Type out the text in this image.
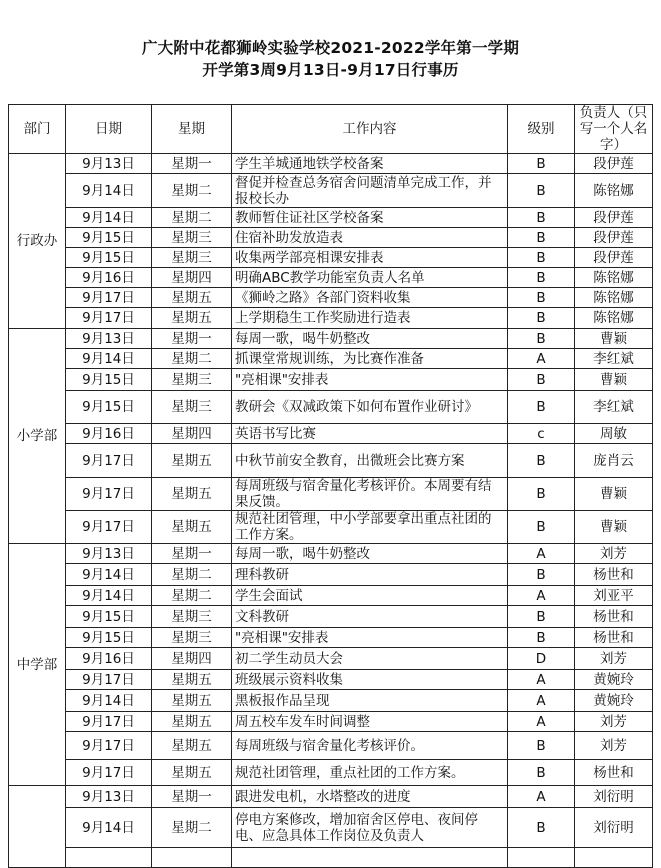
广大附中花都狮岭实验学校2021-2022学年第一学期
开学第3周9月13日-9月17日行事历
部门	日期	星期	工作内容	级别	负责人（只写一个人名字）
行政办	9月13日	星期一	学生羊城通地铁学校备案	B	段伊莲
	9月14日	星期二	督促并检查总务宿舍问题清单完成工作，并报校长办	B	陈铭娜
	9月14日	星期二	教师暂住证社区学校备案	B	段伊莲
	9月15日	星期三	住宿补助发放造表	B	段伊莲
	9月15日	星期三	收集两学部亮相课安排表	B	段伊莲
	9月16日	星期四	明确ABC教学功能室负责人名单	B	陈铭娜
	9月17日	星期五	《狮岭之路》各部门资料收集	B	陈铭娜
	9月17日	星期五	上学期稳生工作奖励进行造表	B	陈铭娜
小学部	9月13日	星期一	每周一歌，喝牛奶整改	B	曹颖
	9月14日	星期二	抓课堂常规训练，为比赛作准备	A	李红斌
	9月15日	星期三	"亮相课"安排表	B	曹颖
	9月15日	星期三	教研会《双减政策下如何布置作业研讨》	B	李红斌
	9月16日	星期四	英语书写比赛	c	周敏
	9月17日	星期五	中秋节前安全教育，出微班会比赛方案	B	庞肖云
	9月17日	星期五	每周班级与宿舍量化考核评价。本周要有结果反馈。	B	曹颖
	9月17日	星期五	规范社团管理，中小学部要拿出重点社团的工作方案。	B	曹颖
中学部	9月13日	星期一	每周一歌，喝牛奶整改	A	刘芳
	9月14日	星期二	理科教研	B	杨世和
	9月14日	星期二	学生会面试	A	刘亚平
	9月15日	星期三	文科教研	B	杨世和
	9月15日	星期三	"亮相课"安排表	B	杨世和
	9月16日	星期四	初二学生动员大会	D	刘芳
	9月17日	星期五	班级展示资料收集	A	黄婉玲
	9月14日	星期五	黑板报作品呈现	A	黄婉玲
	9月17日	星期五	周五校车发车时间调整	A	刘芳
	9月17日	星期五	每周班级与宿舍量化考核评价。	B	刘芳
	9月17日	星期五	规范社团管理，重点社团的工作方案。	B	杨世和
	9月13日	星期一	跟进发电机，水塔整改的进度	A	刘衍明
	9月14日	星期二	停电方案修改，增加宿舍区停电、夜间停电、应急具体工作岗位及负责人	B	刘衍明
